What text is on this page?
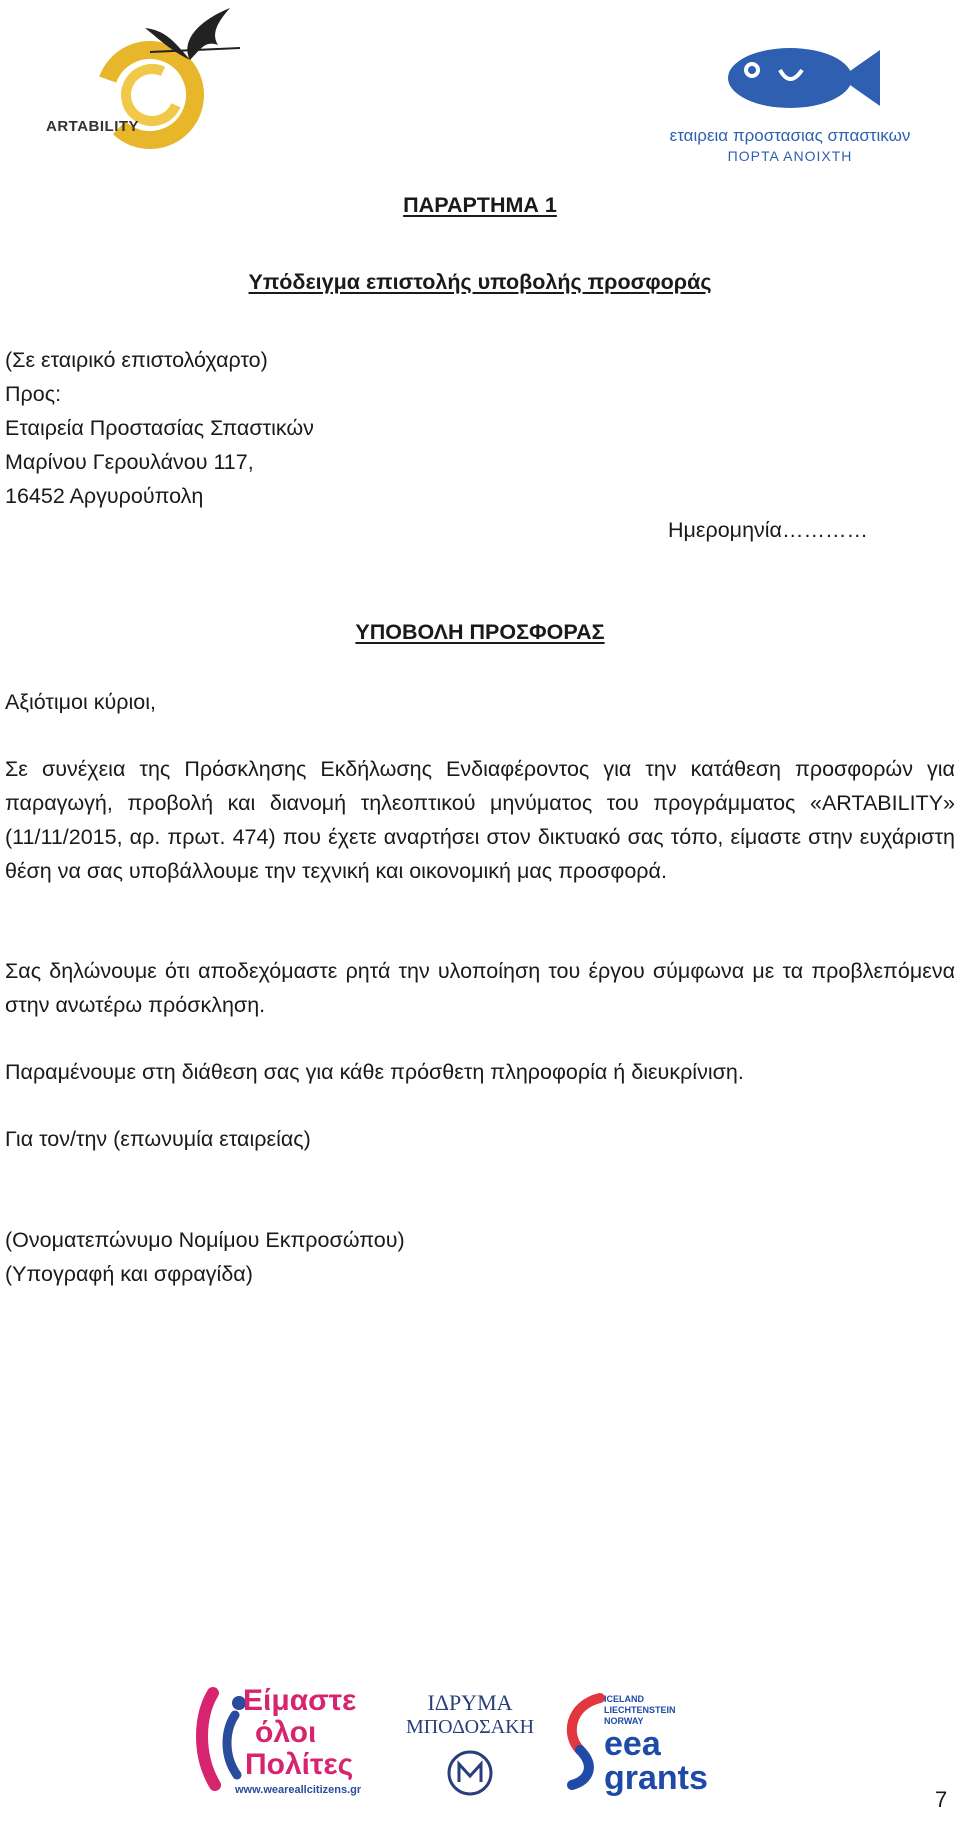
ARTABILITY	εταιρεια προστασιας σπαστικων
ΠΟΡΤΑ ΑΝΟΙΧΤΗ
ΠΑΡΑΡΤΗΜΑ 1
Υπόδειγμα επιστολής υποβολής προσφοράς
(Σε εταιρικό επιστολόχαρτο)
Προς:
Εταιρεία Προστασίας Σπαστικών
Μαρίνου Γερουλάνου 117,
16452 Αργυρούπολη
Ημερομηνία…………
ΥΠΟΒΟΛΗ ΠΡΟΣΦΟΡΑΣ
Αξιότιμοι κύριοι,
Σε συνέχεια της Πρόσκλησης Εκδήλωσης Ενδιαφέροντος για την κατάθεση προσφορών για παραγωγή, προβολή και διανομή τηλεοπτικού μηνύματος του προγράμματος «ARTABILITY» (11/11/2015, αρ. πρωτ. 474) που έχετε αναρτήσει στον δικτυακό σας τόπο, είμαστε στην ευχάριστη θέση να σας υποβάλλουμε την τεχνική και οικονομική μας προσφορά.
Σας δηλώνουμε ότι αποδεχόμαστε ρητά την υλοποίηση του έργου σύμφωνα με τα προβλεπόμενα στην ανωτέρω πρόσκληση.
Παραμένουμε στη διάθεση σας για κάθε πρόσθετη πληροφορία ή διευκρίνιση.
Για τον/την (επωνυμία εταιρείας)
(Ονοματεπώνυμο Νομίμου Εκπροσώπου)
(Υπογραφή και σφραγίδα)
Είμαστε
όλοι
Πολίτες
www.weareallcitizens.gr
ΙΔΡΥΜΑ
ΜΠΟΔΟΣΑΚΗ
ICELAND
LIECHTENSTEIN
NORWAY
eea
grants
7
